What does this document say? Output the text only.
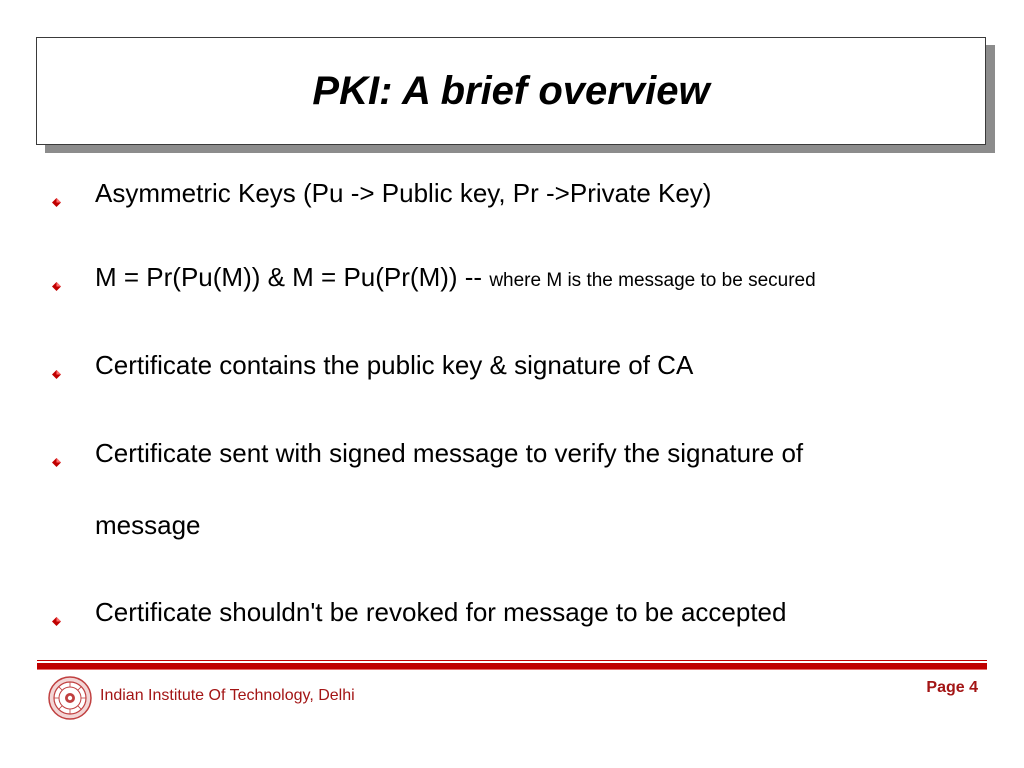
PKI: A brief overview
Asymmetric Keys (Pu -> Public key, Pr ->Private Key)
M = Pr(Pu(M)) & M = Pu(Pr(M)) -- where M is the message to be secured
Certificate contains the public key & signature of CA
Certificate sent with signed message to verify the signature of
message
Certificate shouldn't be revoked for message to be accepted
Indian Institute Of Technology, Delhi	Page 4
